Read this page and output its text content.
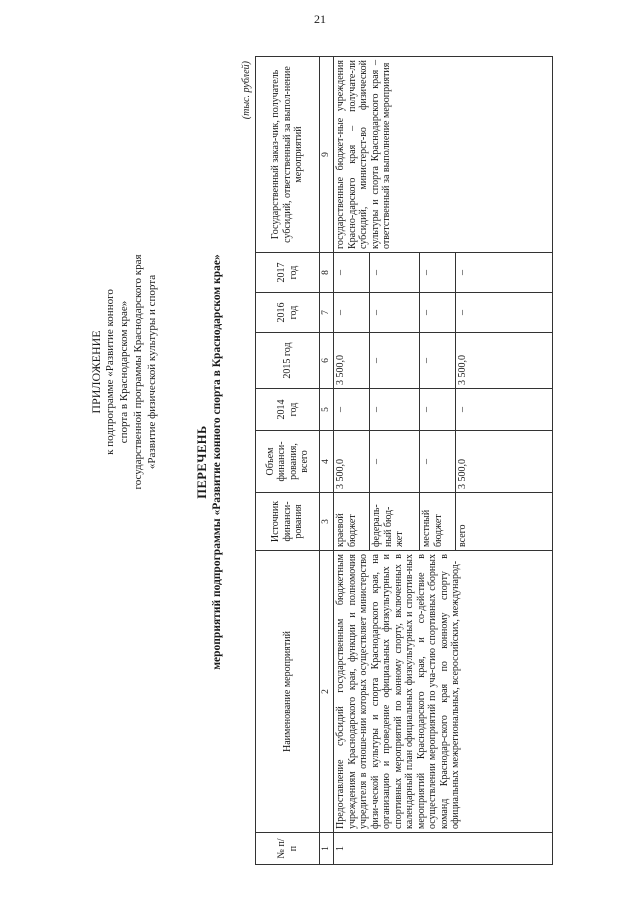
21
ПРИЛОЖЕНИЕ к подпрограмме «Развитие конного спорта в Краснодарском крае» государственной программы Краснодарского края «Развитие физической культуры и спорта	ПЕРЕЧЕНЬ мероприятий подпрограммы «Развитие конного спорта в Краснодарском крае»
(тыс. рублей)
№ п/п	Наименование мероприятий	Источник финанси-рования	Объем финанси-рования, всего	2014 год	2015 год	2016 год	2017 год	Государственный заказ-чик, получатель субсидий, ответственный за выпол-нение мероприятий
1	2	3	4	5	6	7	8	9
1	Предоставление субсидий государственным бюджетным учреждениям Краснодарского края, функции и полномочия учредителя в отноше-нии которых осуществляет министерство физи-ческой культуры и спорта Краснодарского края, на организацию и проведение официальных физкультурных и спортивных мероприятий по конному спорту, включенных в календарный план официальных физкультурных и спортив-ных мероприятий Краснодарского края, и со-действие в осуществлении мероприятий по уча-стию спортивных сборных команд Краснодар-ского края по конному спорту в официальных межрегиональных, всероссийских, международ-	краевой бюджет	3 500,0	–	3 500,0	–	–	государственные бюджет-ные учреждения Красно-дарского края – получате-ли субсидий, министерст-во физической культуры и спорта Краснодарского края – ответственный за выполнение мероприятия
		федераль-ный бюд-жет	–	–	–	–	–	
		местный бюджет	–	–	–	–	–	
		всего	3 500,0	–	3 500,0	–	–	
